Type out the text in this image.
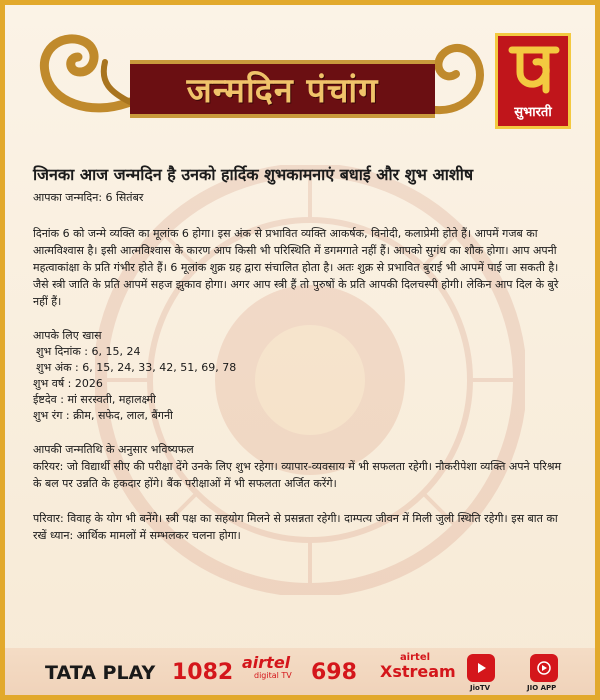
जन्मदिन पंचांग
सुभारती
जिनका आज जन्मदिन है उनको हार्दिक शुभकामनाएं बधाई और शुभ आशीष
आपका जन्मदिन: 6 सितंबर
दिनांक 6 को जन्मे व्यक्ति का मूलांक 6 होगा। इस अंक से प्रभावित व्यक्ति आकर्षक, विनोदी, कलाप्रेमी होते हैं। आपमें गजब का आत्मविश्वास है। इसी आत्मविश्वास के कारण आप किसी भी परिस्थिति में डगमगाते नहीं हैं। आपको सुगंध का शौक होगा। आप अपनी महत्वाकांक्षा के प्रति गंभीर होते हैं। 6 मूलांक शुक्र ग्रह द्वारा संचालित होता है। अतः शुक्र से प्रभावित बुराई भी आपमें पाई जा सकती है। जैसे स्त्री जाति के प्रति आपमें सहज झुकाव होगा। अगर आप स्त्री हैं तो पुरुषों के प्रति आपकी दिलचस्पी होगी। लेकिन आप दिल के बुरे नहीं हैं।
आपके लिए खास
शुभ दिनांक : 6, 15, 24
शुभ अंक : 6, 15, 24, 33, 42, 51, 69, 78
शुभ वर्ष : 2026
ईष्टदेव : मां सरस्वती, महालक्ष्मी
शुभ रंग : क्रीम, सफेद, लाल, बैंगनी
आपकी जन्मतिथि के अनुसार भविष्यफल
करियर: जो विद्यार्थी सीए की परीक्षा देंगे उनके लिए शुभ रहेगा। व्यापार-व्यवसाय में भी सफलता रहेगी। नौकरीपेशा व्यक्ति अपने परिश्रम के बल पर उन्नति के हकदार होंगे। बैंक परीक्षाओं में भी सफलता अर्जित करेंगे।
परिवार: विवाह के योग भी बनेंगे। स्त्री पक्ष का सहयोग मिलने से प्रसन्नता रहेगी। दाम्पत्य जीवन में मिली जुली स्थिति रहेगी। इस बात का रखें ध्यान: आर्थिक मामलों में सम्भलकर चलना होगा।
TATA PLAY 1082 airtel
digital TV 698
airtel
Xstream
JioTV	JIO APP
